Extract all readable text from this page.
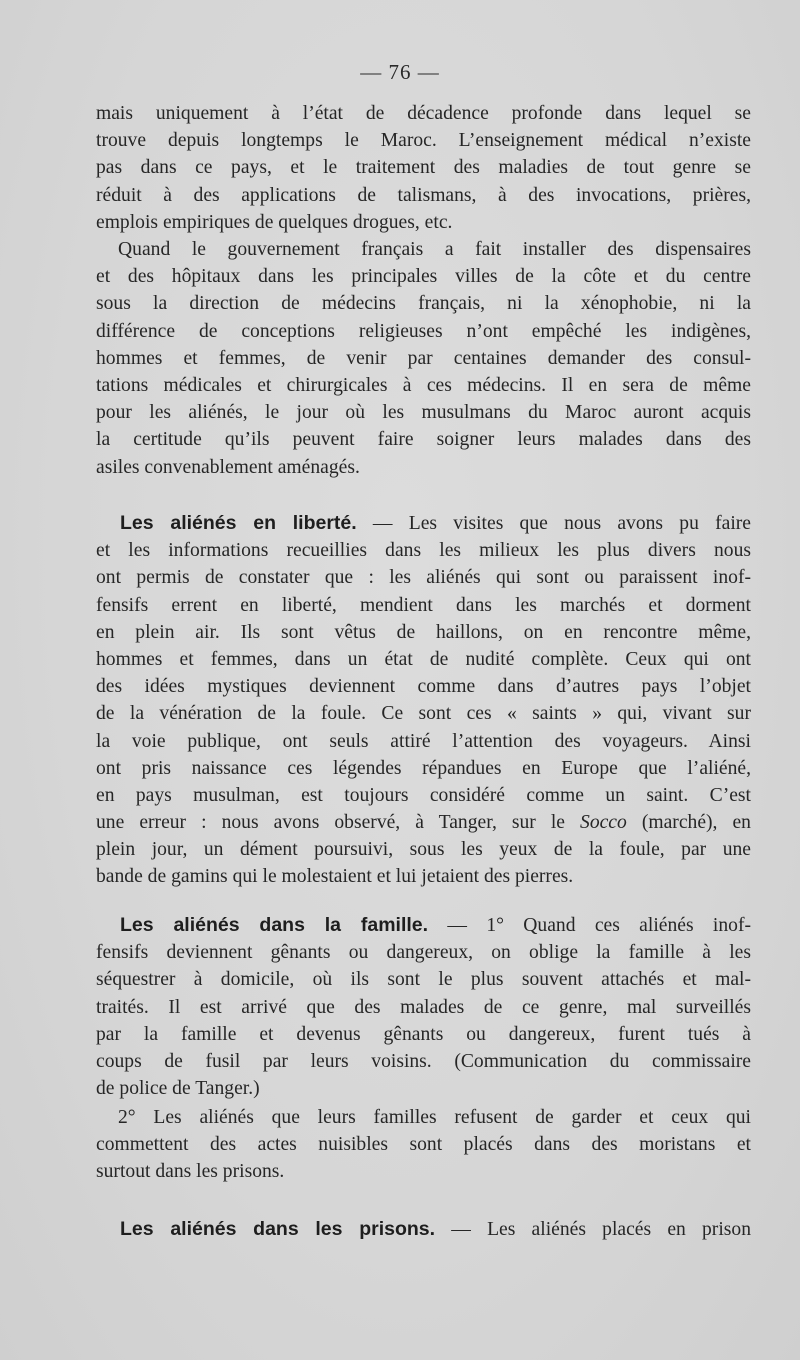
— 76 —
mais uniquement à l’état de décadence profonde dans lequel se
trouve depuis longtemps le Maroc. L’enseignement médical n’existe
pas dans ce pays, et le traitement des maladies de tout genre se
réduit à des applications de talismans, à des invocations, prières,
emplois empiriques de quelques drogues, etc.
Quand le gouvernement français a fait installer des dispensaires
et des hôpitaux dans les principales villes de la côte et du centre
sous la direction de médecins français, ni la xénophobie, ni la
différence de conceptions religieuses n’ont empêché les indigènes,
hommes et femmes, de venir par centaines demander des consul-
tations médicales et chirurgicales à ces médecins. Il en sera de même
pour les aliénés, le jour où les musulmans du Maroc auront acquis
la certitude qu’ils peuvent faire soigner leurs malades dans des
asiles convenablement aménagés.
Les aliénés en liberté. — Les visites que nous avons pu faire
et les informations recueillies dans les milieux les plus divers nous
ont permis de constater que : les aliénés qui sont ou paraissent inof-
fensifs errent en liberté, mendient dans les marchés et dorment
en plein air. Ils sont vêtus de haillons, on en rencontre même,
hommes et femmes, dans un état de nudité complète. Ceux qui ont
des idées mystiques deviennent comme dans d’autres pays l’objet
de la vénération de la foule. Ce sont ces « saints » qui, vivant sur
la voie publique, ont seuls attiré l’attention des voyageurs. Ainsi
ont pris naissance ces légendes répandues en Europe que l’aliéné,
en pays musulman, est toujours considéré comme un saint. C’est
une erreur : nous avons observé, à Tanger, sur le Socco (marché), en
plein jour, un dément poursuivi, sous les yeux de la foule, par une
bande de gamins qui le molestaient et lui jetaient des pierres.
Les aliénés dans la famille. — 1° Quand ces aliénés inof-
fensifs deviennent gênants ou dangereux, on oblige la famille à les
séquestrer à domicile, où ils sont le plus souvent attachés et mal-
traités. Il est arrivé que des malades de ce genre, mal surveillés
par la famille et devenus gênants ou dangereux, furent tués à
coups de fusil par leurs voisins. (Communication du commissaire
de police de Tanger.)
2° Les aliénés que leurs familles refusent de garder et ceux qui
commettent des actes nuisibles sont placés dans des moristans et
surtout dans les prisons.
Les aliénés dans les prisons. — Les aliénés placés en prison
